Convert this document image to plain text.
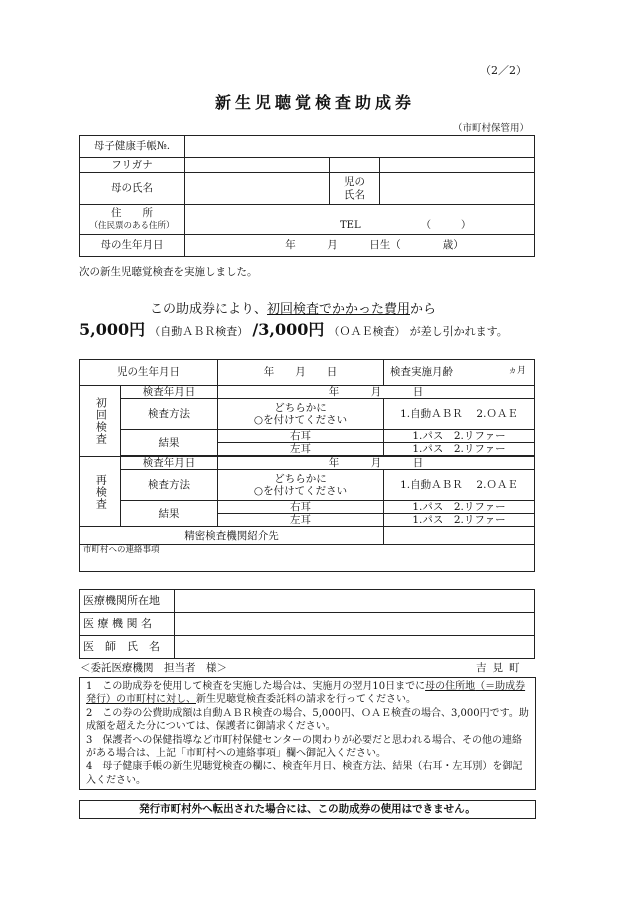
（2／2）
新生児聴覚検査助成券
（市町村保管用）
母子健康手帳№.			
フリガナ			
母の氏名		児の
氏名	
住　　所
（住民票のある住所）	TEL （　　　）		

母の生年月日	年　　　月　　　日生（　　　　歳）		
次の新生児聴覚検査を実施しました。
この助成券により、初回検査でかかった費用から
5,000円 （自動ＡＢＲ検査） /3,000円 （ＯＡＥ検査） が差し引かれます。
児の生年月日		年　　月　　日	検査実施月齢 ヵ月

初回検査	検査年月日	年　　　月　　　日	
	検査方法	どちらかに
○を付けてください	1.自動ＡＢＲ　 2.ＯＡＥ
	結果	右耳	1.パス　2.リファー
		左耳	1.パス　2.リファー

再検査	検査年月日	年　　　月　　　日	
	検査方法	どちらかに
○を付けてください	1.自動ＡＢＲ　 2.ＯＡＥ
	結果	右耳	1.パス　2.リファー
		左耳	1.パス　2.リファー
精密検査機関紹介先			
市町村への連絡事項			
医療機関所在地	
医 療 機 関 名	
医　師　氏　名	
＜委託医療機関　担当者　様＞	吉見町

1　この助成券を使用して検査を実施した場合は、実施月の翌月10日までに母の住所地（＝助成券発行）の市町村に対し、新生児聴覚検査委託料の請求を行ってください。

2　この券の公費助成額は自動ＡＢＲ検査の場合、5,000円、ＯＡＥ検査の場合、3,000円です。助成額を超えた分については、保護者に御請求ください。

3　保護者への保健指導など市町村保健センターの関わりが必要だと思われる場合、その他の連絡がある場合は、上記「市町村への連絡事項」欄へ御記入ください。

4　母子健康手帳の新生児聴覚検査の欄に、検査年月日、検査方法、結果（右耳・左耳別）を御記入ください。

発行市町村外へ転出された場合には、この助成券の使用はできません。
